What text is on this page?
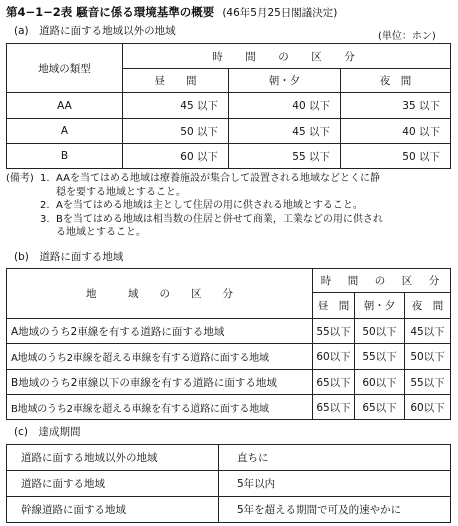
第4−1−2表 騒音に係る環境基準の概要 (46年5月25日閣議決定)
(a)　道路に面する地域以外の地域	(単位：ホン)
地域の類型	時　間　の　区　分		
	昼　　間	朝・夕	夜　間
AA	45 以下	40 以下	35 以下
A	50 以下	45 以下	40 以下
B	60 以下	55 以下	50 以下
(備考) 1. AAを当てはめる地域は療養施設が集合して設置される地域などとくに静
穏を要する地域とすること。
2. Aを当てはめる地域は主として住居の用に供される地域とすること。
3. Bを当てはめる地域は相当数の住居と併せて商業，工業などの用に供され
る地域とすること。
(b)　道路に面する地域
地　　　域　　の　　区　　分	時　間　の　区　分		
	昼　間	朝・夕	夜　間
A地域のうち2車線を有する道路に面する地域	55以下	50以下	45以下
A地域のうち2車線を超える車線を有する道路に面する地域	60以下	55以下	50以下
B地域のうち2車線以下の車線を有する道路に面する地域	65以下	60以下	55以下
B地域のうち2車線を超える車線を有する道路に面する地域	65以下	65以下	60以下
(c)　達成期間
道路に面する地域以外の地域	直ちに
道路に面する地域	5年以内
幹線道路に面する地域	5年を超える期間で可及的速やかに
